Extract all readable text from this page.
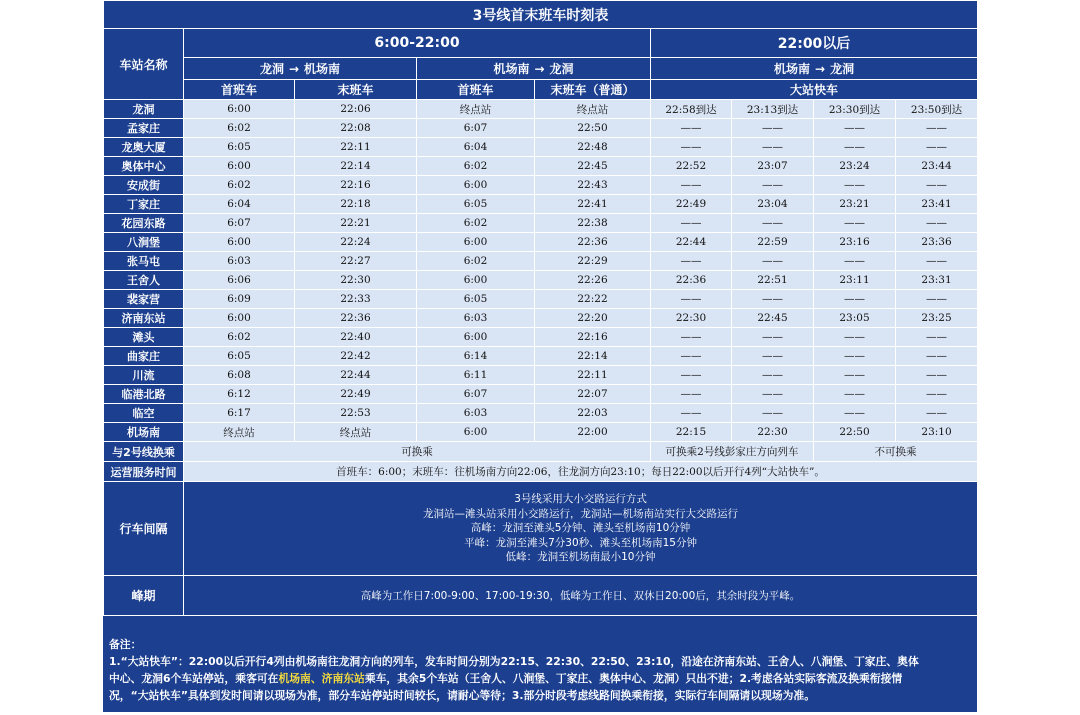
3号线首末班车时刻表								
车站名称	6:00-22:00				22:00以后			
	龙洞 → 机场南		机场南 → 龙洞		机场南 → 龙洞			
	首班车	末班车	首班车	末班车（普通）	大站快车			
龙洞	6:00	22:06	终点站	终点站	22:58到达	23:13到达	23:30到达	23:50到达
孟家庄	6:02	22:08	6:07	22:50	——	——	——	——
龙奥大厦	6:05	22:11	6:04	22:48	——	——	——	——
奥体中心	6:00	22:14	6:02	22:45	22:52	23:07	23:24	23:44
安成街	6:02	22:16	6:00	22:43	——	——	——	——
丁家庄	6:04	22:18	6:05	22:41	22:49	23:04	23:21	23:41
花园东路	6:07	22:21	6:02	22:38	——	——	——	——
八涧堡	6:00	22:24	6:00	22:36	22:44	22:59	23:16	23:36
张马屯	6:03	22:27	6:02	22:29	——	——	——	——
王舍人	6:06	22:30	6:00	22:26	22:36	22:51	23:11	23:31
裴家营	6:09	22:33	6:05	22:22	——	——	——	——
济南东站	6:00	22:36	6:03	22:20	22:30	22:45	23:05	23:25
滩头	6:02	22:40	6:00	22:16	——	——	——	——
曲家庄	6:05	22:42	6:14	22:14	——	——	——	——
川流	6:08	22:44	6:11	22:11	——	——	——	——
临港北路	6:12	22:49	6:07	22:07	——	——	——	——
临空	6:17	22:53	6:03	22:03	——	——	——	——
机场南	终点站	终点站	6:00	22:00	22:15	22:30	22:50	23:10
与2号线换乘	可换乘				可换乘2号线彭家庄方向列车		不可换乘	
运营服务时间	首班车：6:00；末班车：往机场南方向22:06，往龙洞方向23:10；每日22:00以后开行4列“大站快车”。							
行车间隔	3号线采用大小交路运行方式
龙洞站—滩头站采用小交路运行，龙洞站—机场南站实行大交路运行
高峰：龙洞至滩头5分钟、滩头至机场南10分钟
平峰：龙洞至滩头7分30秒、滩头至机场南15分钟
低峰：龙洞至机场南最小10分钟							

峰期	高峰为工作日7:00-9:00、17:00-19:30，低峰为工作日、双休日20:00后，其余时段为平峰。							
备注：
1.“大站快车”：22:00以后开行4列由机场南往龙洞方向的列车，发车时间分别为22:15、22:30、22:50、23:10，沿途在济南东站、王舍人、八涧堡、丁家庄、奥体
中心、龙洞6个车站停站，乘客可在机场南、济南东站乘车，其余5个车站（王舍人、八涧堡、丁家庄、奥体中心、龙洞）只出不进；2.考虑各站实际客流及换乘衔接情
况，“大站快车”具体到发时间请以现场为准，部分车站停站时间较长，请耐心等待；3.部分时段考虑线路间换乘衔接，实际行车间隔请以现场为准。
